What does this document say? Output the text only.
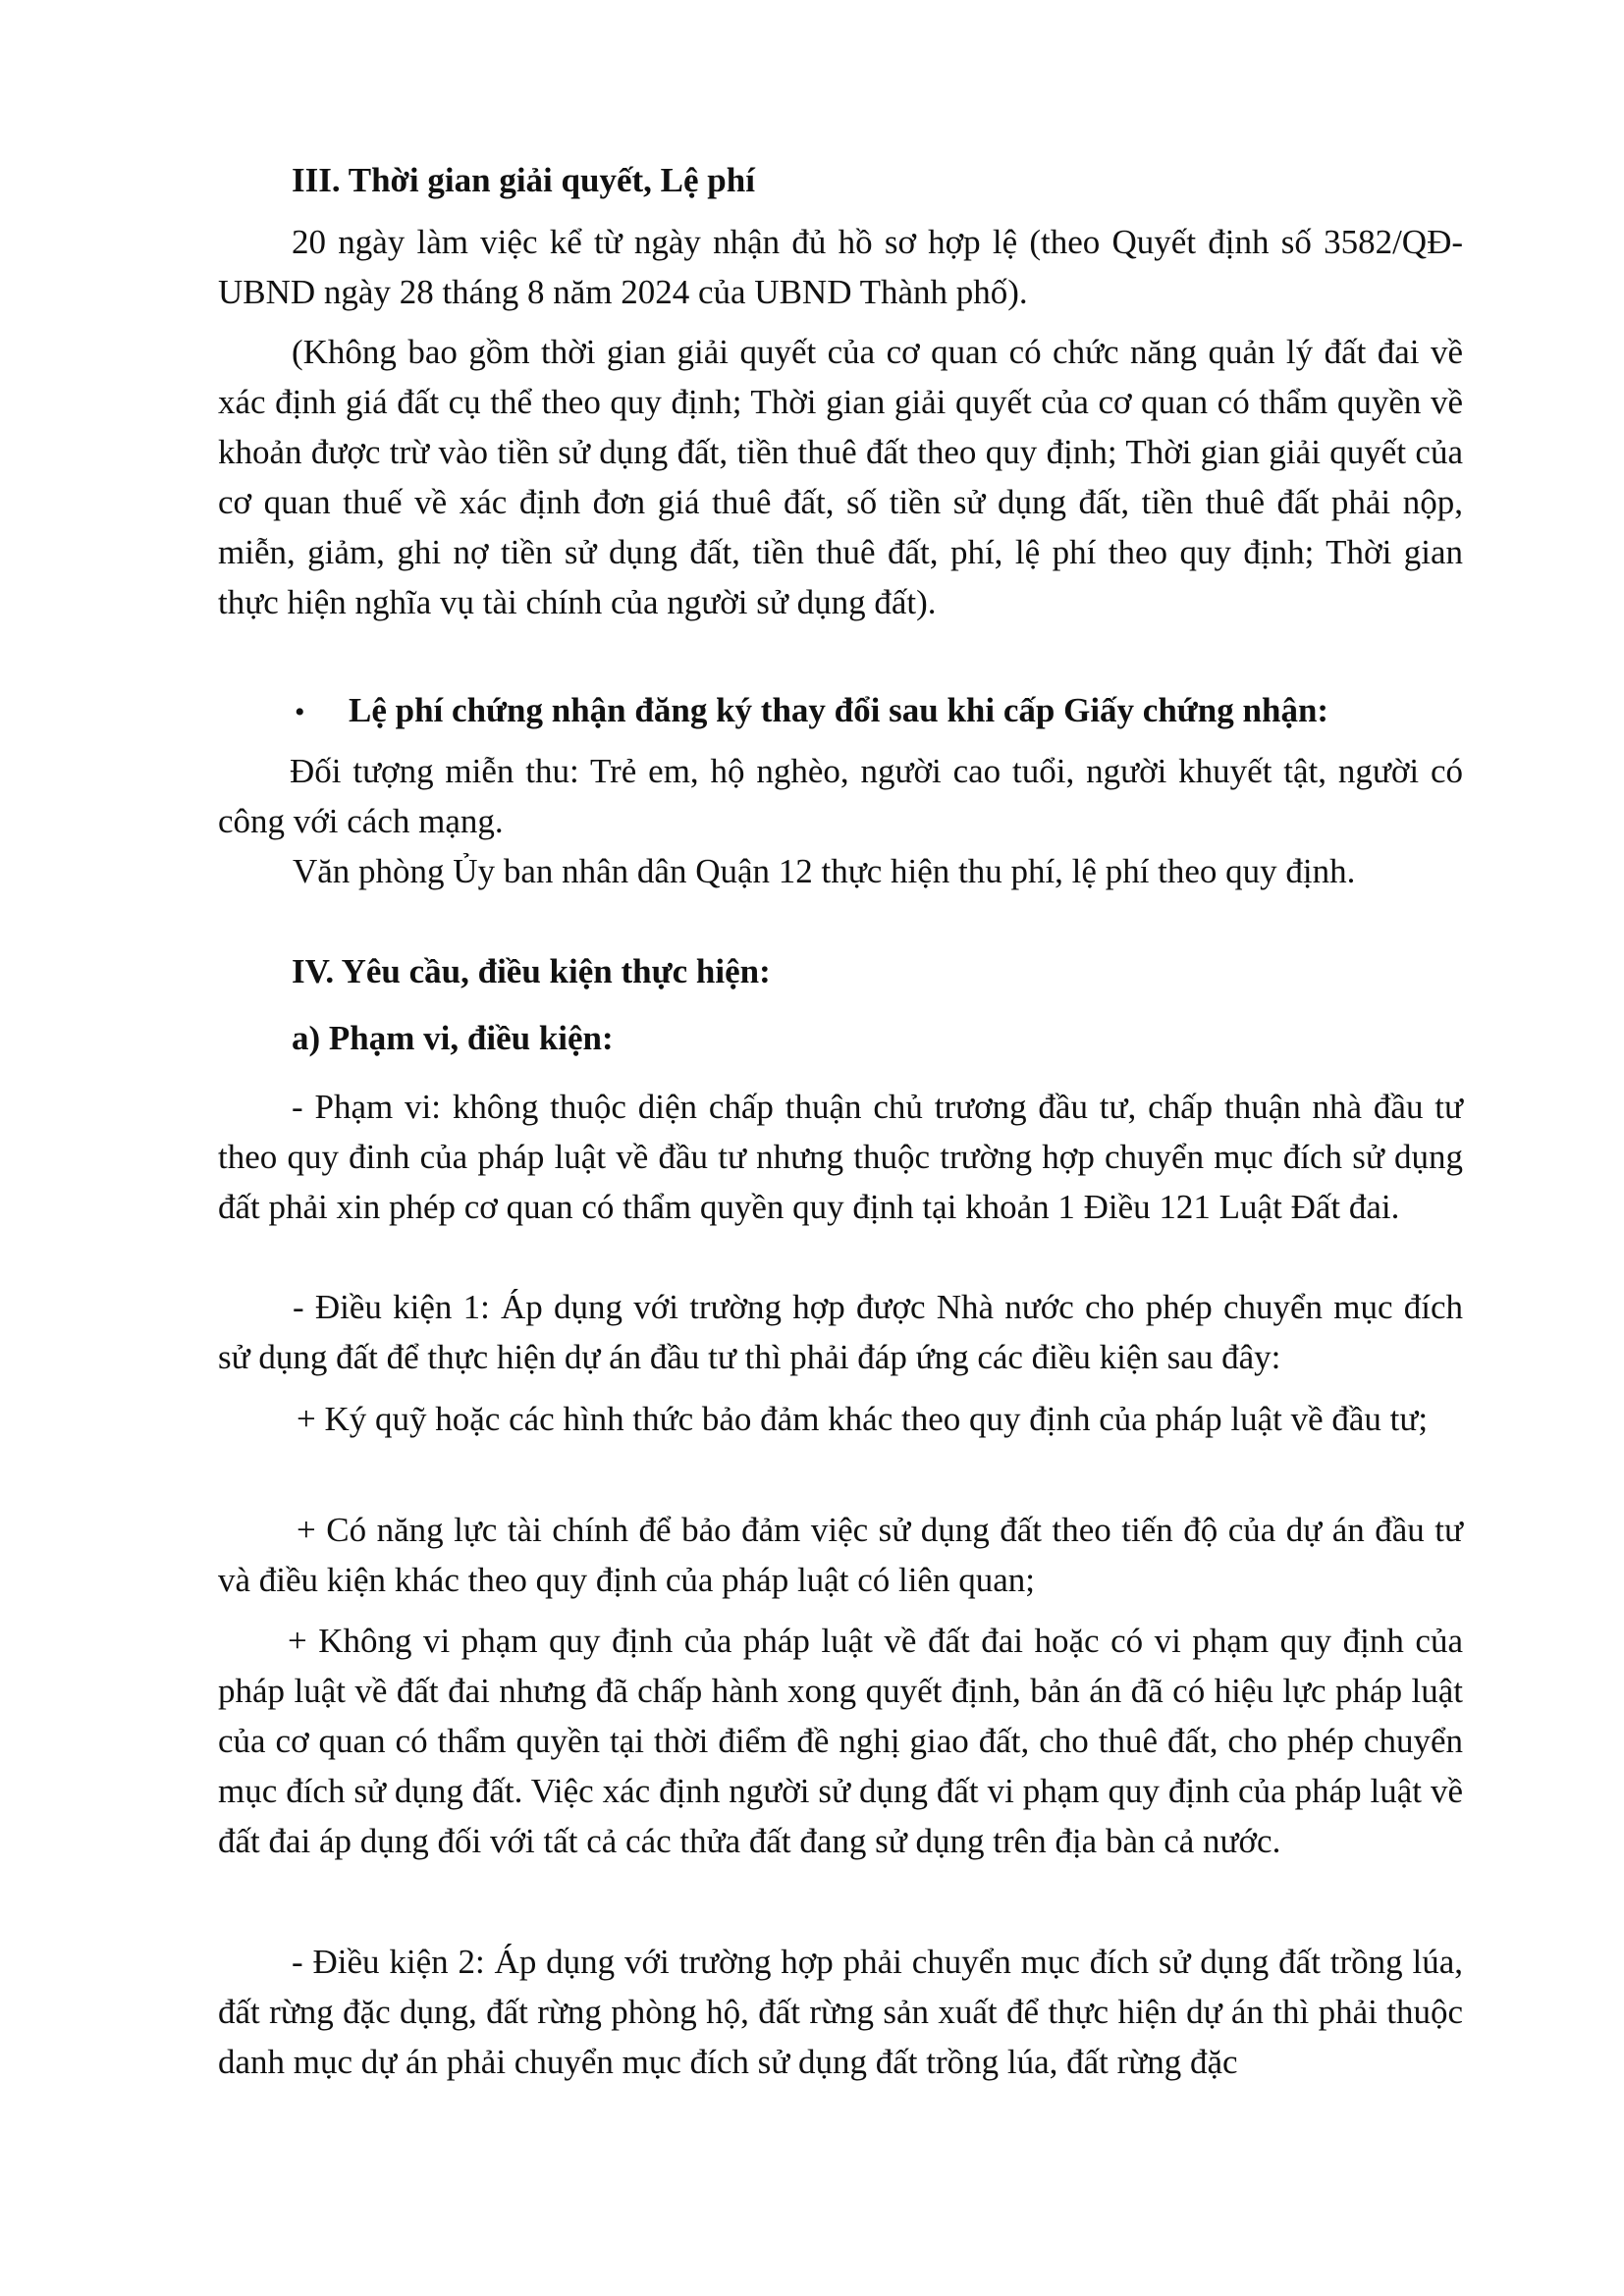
III. Thời gian giải quyết, Lệ phí

20 ngày làm việc kể từ ngày nhận đủ hồ sơ hợp lệ (theo Quyết định số 3582/QĐ-UBND ngày 28 tháng 8 năm 2024 của UBND Thành phố).

(Không bao gồm thời gian giải quyết của cơ quan có chức năng quản lý đất đai về xác định giá đất cụ thể theo quy định; Thời gian giải quyết của cơ quan có thẩm quyền về khoản được trừ vào tiền sử dụng đất, tiền thuê đất theo quy định; Thời gian giải quyết của cơ quan thuế về xác định đơn giá thuê đất, số tiền sử dụng đất, tiền thuê đất phải nộp, miễn, giảm, ghi nợ tiền sử dụng đất, tiền thuê đất, phí, lệ phí theo quy định; Thời gian thực hiện nghĩa vụ tài chính của người sử dụng đất).

• Lệ phí chứng nhận đăng ký thay đổi sau khi cấp Giấy chứng nhận:

Đối tượng miễn thu: Trẻ em, hộ nghèo, người cao tuổi, người khuyết tật, người có công với cách mạng.

Văn phòng Ủy ban nhân dân Quận 12 thực hiện thu phí, lệ phí theo quy định.

IV. Yêu cầu, điều kiện thực hiện:

a) Phạm vi, điều kiện:

- Phạm vi: không thuộc diện chấp thuận chủ trương đầu tư, chấp thuận nhà đầu tư theo quy đinh của pháp luật về đầu tư nhưng thuộc trường hợp chuyển mục đích sử dụng đất phải xin phép cơ quan có thẩm quyền quy định tại khoản 1 Điều 121 Luật Đất đai.

- Điều kiện 1: Áp dụng với trường hợp được Nhà nước cho phép chuyển mục đích sử dụng đất để thực hiện dự án đầu tư thì phải đáp ứng các điều kiện sau đây:

+ Ký quỹ hoặc các hình thức bảo đảm khác theo quy định của pháp luật về đầu tư;

+ Có năng lực tài chính để bảo đảm việc sử dụng đất theo tiến độ của dự án đầu tư và điều kiện khác theo quy định của pháp luật có liên quan;

+ Không vi phạm quy định của pháp luật về đất đai hoặc có vi phạm quy định của pháp luật về đất đai nhưng đã chấp hành xong quyết định, bản án đã có hiệu lực pháp luật của cơ quan có thẩm quyền tại thời điểm đề nghị giao đất, cho thuê đất, cho phép chuyển mục đích sử dụng đất. Việc xác định người sử dụng đất vi phạm quy định của pháp luật về đất đai áp dụng đối với tất cả các thửa đất đang sử dụng trên địa bàn cả nước.

- Điều kiện 2: Áp dụng với trường hợp phải chuyển mục đích sử dụng đất trồng lúa, đất rừng đặc dụng, đất rừng phòng hộ, đất rừng sản xuất để thực hiện dự án thì phải thuộc danh mục dự án phải chuyển mục đích sử dụng đất trồng lúa, đất rừng đặc
